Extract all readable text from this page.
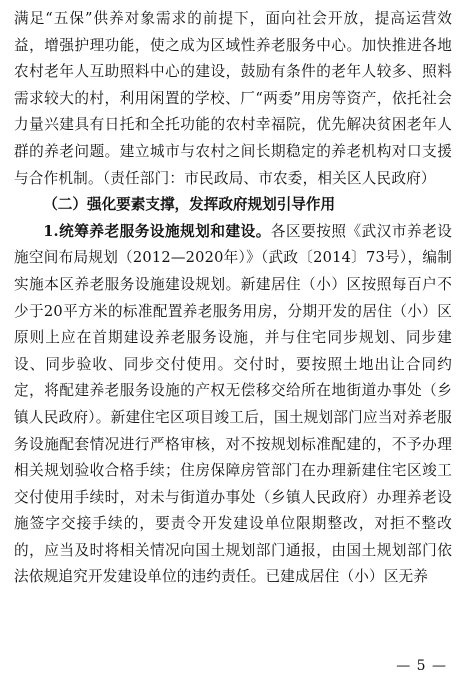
满足“五保”供养对象需求的前提下，面向社会开放，提高运营效益，增强护理功能，使之成为区域性养老服务中心。加快推进各地农村老年人互助照料中心的建设，鼓励有条件的老年人较多、照料需求较大的村，利用闲置的学校、厂“两委”用房等资产，依托社会力量兴建具有日托和全托功能的农村幸福院，优先解决贫困老年人群的养老问题。建立城市与农村之间长期稳定的养老机构对口支援与合作机制。（责任部门：市民政局、市农委，相关区人民政府）

（二）强化要素支撑，发挥政府规划引导作用

1.统筹养老服务设施规划和建设。各区要按照《武汉市养老设施空间布局规划（2012—2020年）》（武政〔2014〕73号），编制实施本区养老服务设施建设规划。新建居住（小）区按照每百户不少于20平方米的标准配置养老服务用房，分期开发的居住（小）区原则上应在首期建设养老服务设施，并与住宅同步规划、同步建设、同步验收、同步交付使用。交付时，要按照土地出让合同约定，将配建养老服务设施的产权无偿移交给所在地街道办事处（乡镇人民政府）。新建住宅区项目竣工后，国土规划部门应当对养老服务设施配套情况进行严格审核，对不按规划标准配建的，不予办理相关规划验收合格手续；住房保障房管部门在办理新建住宅区竣工交付使用手续时，对未与街道办事处（乡镇人民政府）办理养老设施签字交接手续的，要责令开发建设单位限期整改，对拒不整改的，应当及时将相关情况向国土规划部门通报，由国土规划部门依法依规追究开发建设单位的违约责任。已建成居住（小）区无养

— 5 —
